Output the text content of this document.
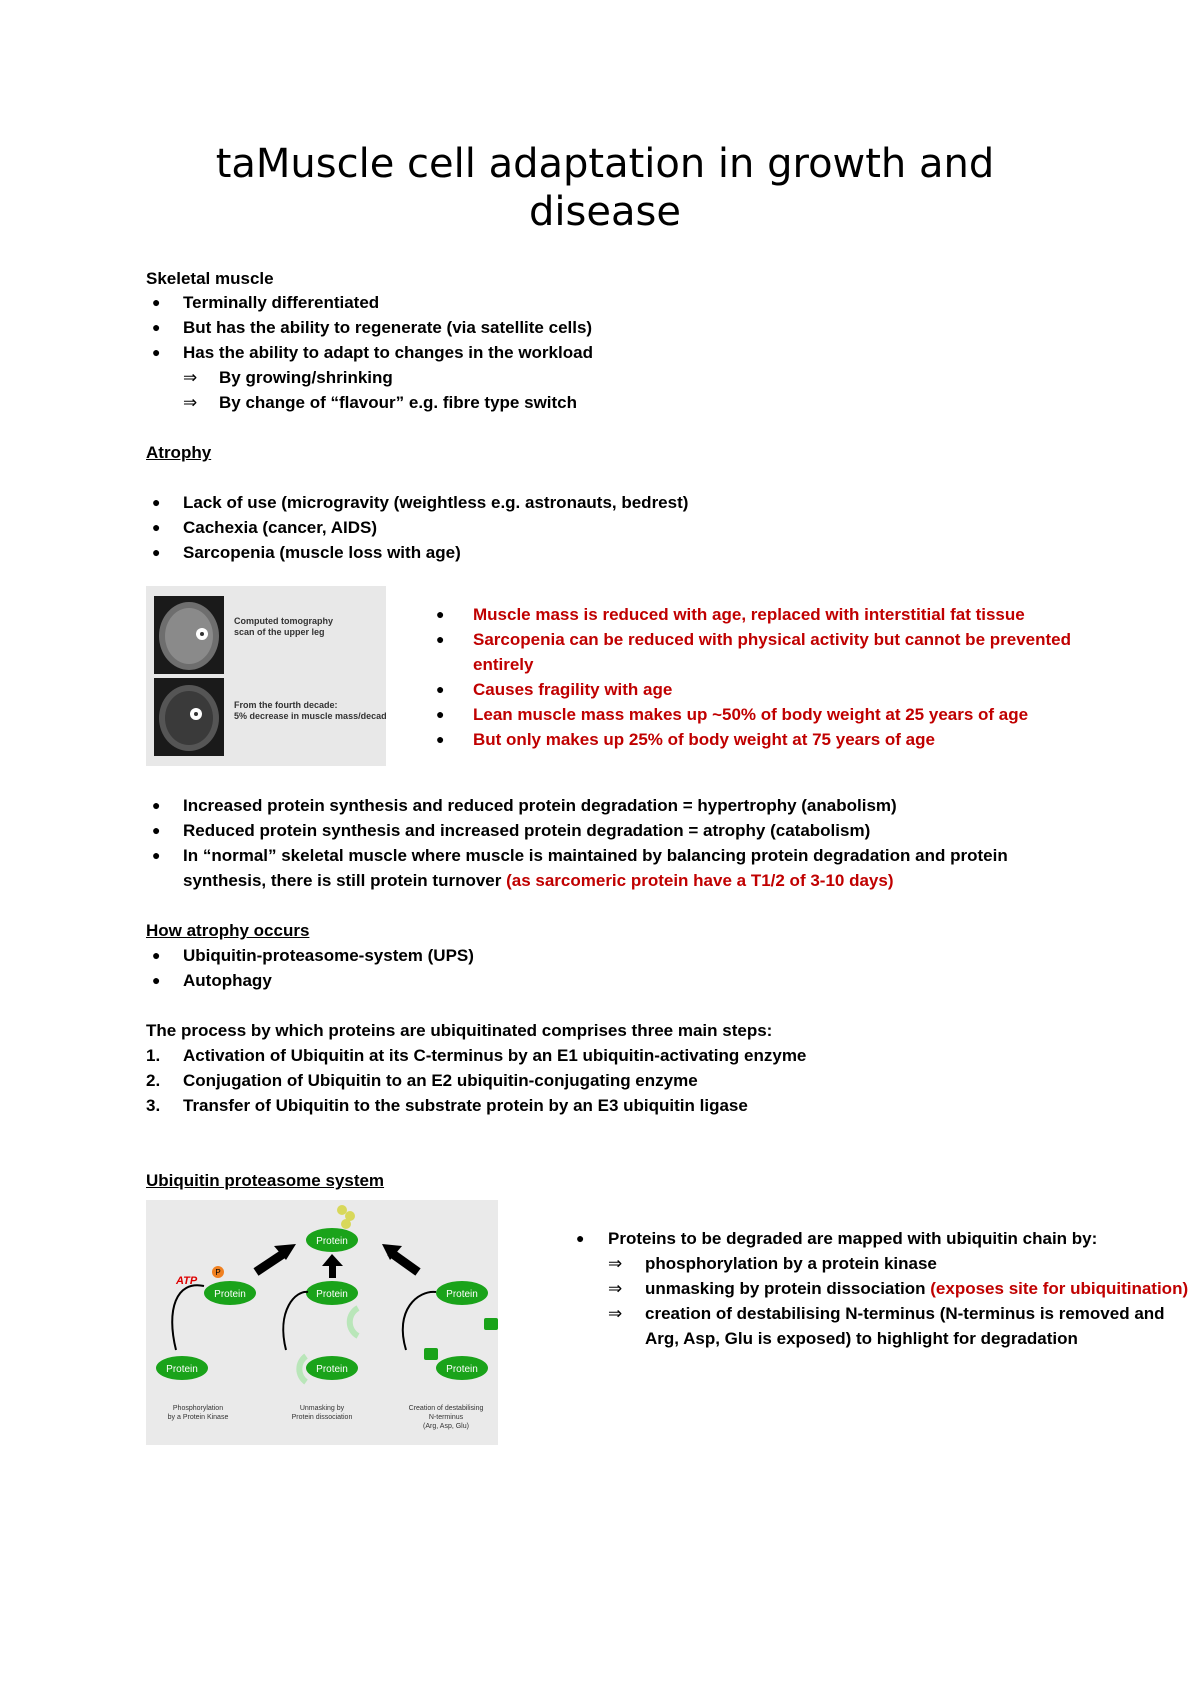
taMuscle cell adaptation in growth and disease
Skeletal muscle
● Terminally differentiated
● But has the ability to regenerate (via satellite cells)
● Has the ability to adapt to changes in the workload
⇒ By growing/shrinking
⇒ By change of “flavour” e.g. fibre type switch
Atrophy
● Lack of use (microgravity (weightless e.g. astronauts, bedrest)
● Cachexia (cancer, AIDS)
● Sarcopenia (muscle loss with age)
Computed tomography
scan of the upper leg
From the fourth decade:
5% decrease in muscle mass/decade
● Muscle mass is reduced with age, replaced with interstitial fat tissue
● Sarcopenia can be reduced with physical activity but cannot be prevented
entirely
● Causes fragility with age
● Lean muscle mass makes up ~50% of body weight at 25 years of age
● But only makes up 25% of body weight at 75 years of age
● Increased protein synthesis and reduced protein degradation = hypertrophy (anabolism)
● Reduced protein synthesis and increased protein degradation = atrophy (catabolism)
● In “normal” skeletal muscle where muscle is maintained by balancing protein degradation and protein
synthesis, there is still protein turnover (as sarcomeric protein have a T1/2 of 3-10 days)
How atrophy occurs
● Ubiquitin-proteasome-system (UPS)
● Autophagy
The process by which proteins are ubiquitinated comprises three main steps:
1. Activation of Ubiquitin at its C-terminus by an E1 ubiquitin-activating enzyme
2. Conjugation of Ubiquitin to an E2 ubiquitin-conjugating enzyme
3. Transfer of Ubiquitin to the substrate protein by an E3 ubiquitin ligase
Ubiquitin proteasome system
Protein
ATP
P
Protein	Protein	Protein
Protein	Protein	Protein
Phosphorylation
by a Protein Kinase
Unmasking by
Protein dissociation
Creation of destabilising
N-terminus
(Arg, Asp, Glu)
● Proteins to be degraded are mapped with ubiquitin chain by:
⇒ phosphorylation by a protein kinase
⇒ unmasking by protein dissociation (exposes site for ubiquitination)
⇒ creation of destabilising N-terminus (N-terminus is removed and
Arg, Asp, Glu is exposed) to highlight for degradation
